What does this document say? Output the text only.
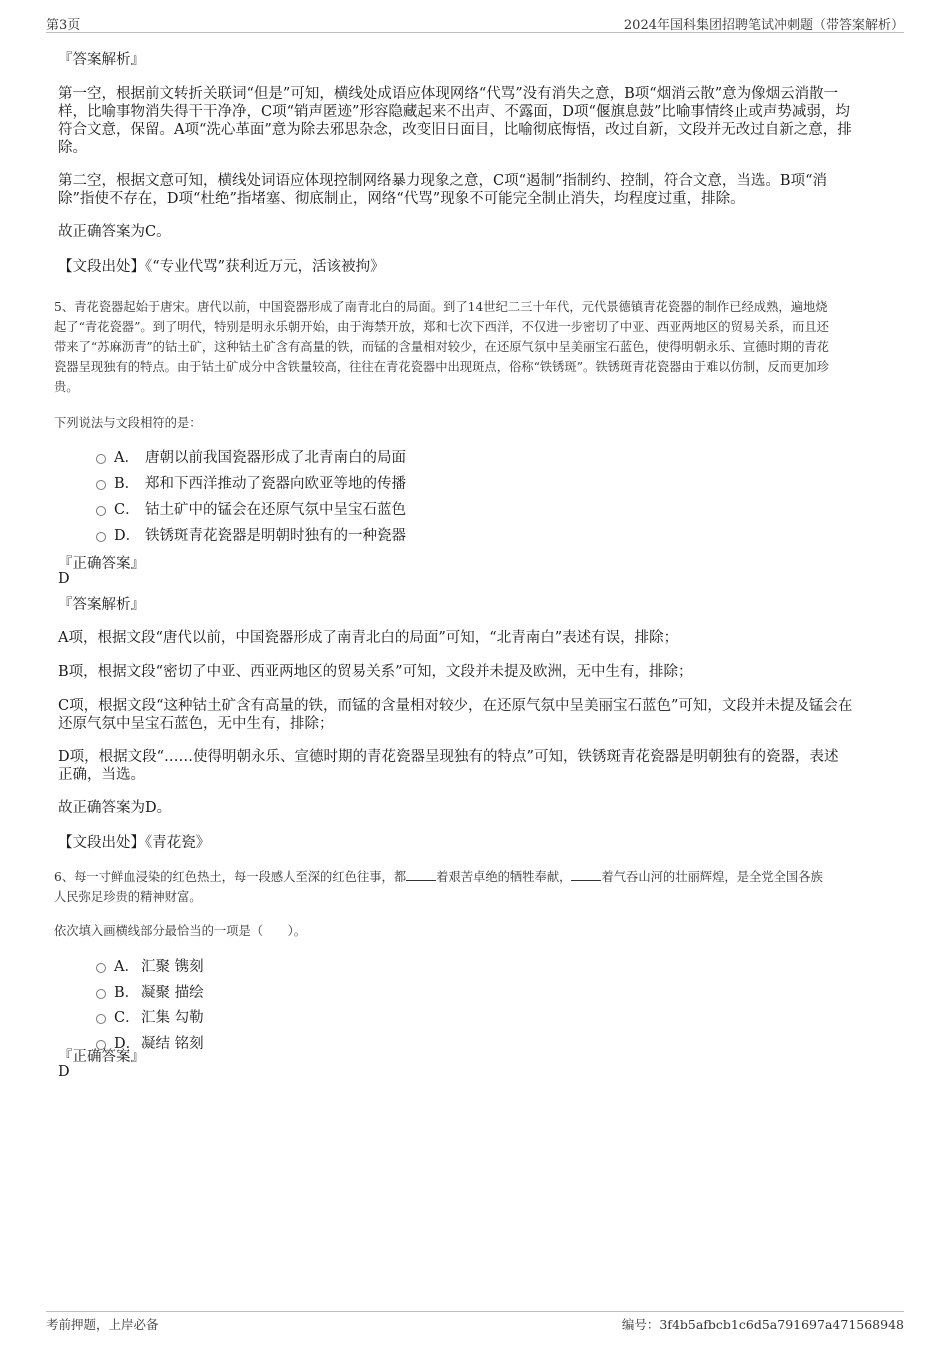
第3页	2024年国科集团招聘笔试冲刺题（带答案解析）
『答案解析』
第一空，根据前文转折关联词“但是”可知，横线处成语应体现网络“代骂”没有消失之意，B项“烟消云散”意为像烟云消散一
样，比喻事物消失得干干净净，C项“销声匿迹”形容隐藏起来不出声、不露面，D项“偃旗息鼓”比喻事情终止或声势减弱，均
符合文意，保留。A项“洗心革面”意为除去邪思杂念，改变旧日面目，比喻彻底悔悟，改过自新，文段并无改过自新之意，排
除。
第二空，根据文意可知，横线处词语应体现控制网络暴力现象之意，C项“遏制”指制约、控制，符合文意，当选。B项“消
除”指使不存在，D项“杜绝”指堵塞、彻底制止，网络“代骂”现象不可能完全制止消失，均程度过重，排除。
故正确答案为C。
【文段出处】《“专业代骂”获利近万元，活该被拘》
5、青花瓷器起始于唐宋。唐代以前，中国瓷器形成了南青北白的局面。到了14世纪二三十年代，元代景德镇青花瓷器的制作已经成熟，遍地烧
起了“青花瓷器”。到了明代，特别是明永乐朝开始，由于海禁开放，郑和七次下西洋，不仅进一步密切了中亚、西亚两地区的贸易关系，而且还
带来了“苏麻沥青”的钴土矿，这种钴土矿含有高量的铁，而锰的含量相对较少，在还原气氛中呈美丽宝石蓝色，使得明朝永乐、宣德时期的青花
瓷器呈现独有的特点。由于钴土矿成分中含铁量较高，往往在青花瓷器中出现斑点，俗称“铁锈斑”。铁锈斑青花瓷器由于难以仿制，反而更加珍
贵。
下列说法与文段相符的是：
A． 唐朝以前我国瓷器形成了北青南白的局面
B． 郑和下西洋推动了瓷器向欧亚等地的传播
C． 钴土矿中的锰会在还原气氛中呈宝石蓝色
D． 铁锈斑青花瓷器是明朝时独有的一种瓷器
『正确答案』
D
『答案解析』
A项，根据文段“唐代以前，中国瓷器形成了南青北白的局面”可知，“北青南白”表述有误，排除；
B项，根据文段“密切了中亚、西亚两地区的贸易关系”可知，文段并未提及欧洲，无中生有，排除；
C项，根据文段“这种钴土矿含有高量的铁，而锰的含量相对较少，在还原气氛中呈美丽宝石蓝色”可知，文段并未提及锰会在
还原气氛中呈宝石蓝色，无中生有，排除；
D项，根据文段“……使得明朝永乐、宣德时期的青花瓷器呈现独有的特点”可知，铁锈斑青花瓷器是明朝独有的瓷器，表述
正确，当选。
故正确答案为D。
【文段出处】《青花瓷》
6、每一寸鲜血浸染的红色热土，每一段感人至深的红色往事，都 着艰苦卓绝的牺牲奉献， 着气吞山河的壮丽辉煌，是全党全国各族
人民弥足珍贵的精神财富。
依次填入画横线部分最恰当的一项是（　　）。
A． 汇聚 镌刻
B． 凝聚 描绘
C． 汇集 勾勒
D． 凝结 铭刻
『正确答案』
D
考前押题，上岸必备	编号：3f4b5afbcb1c6d5a791697a471568948
